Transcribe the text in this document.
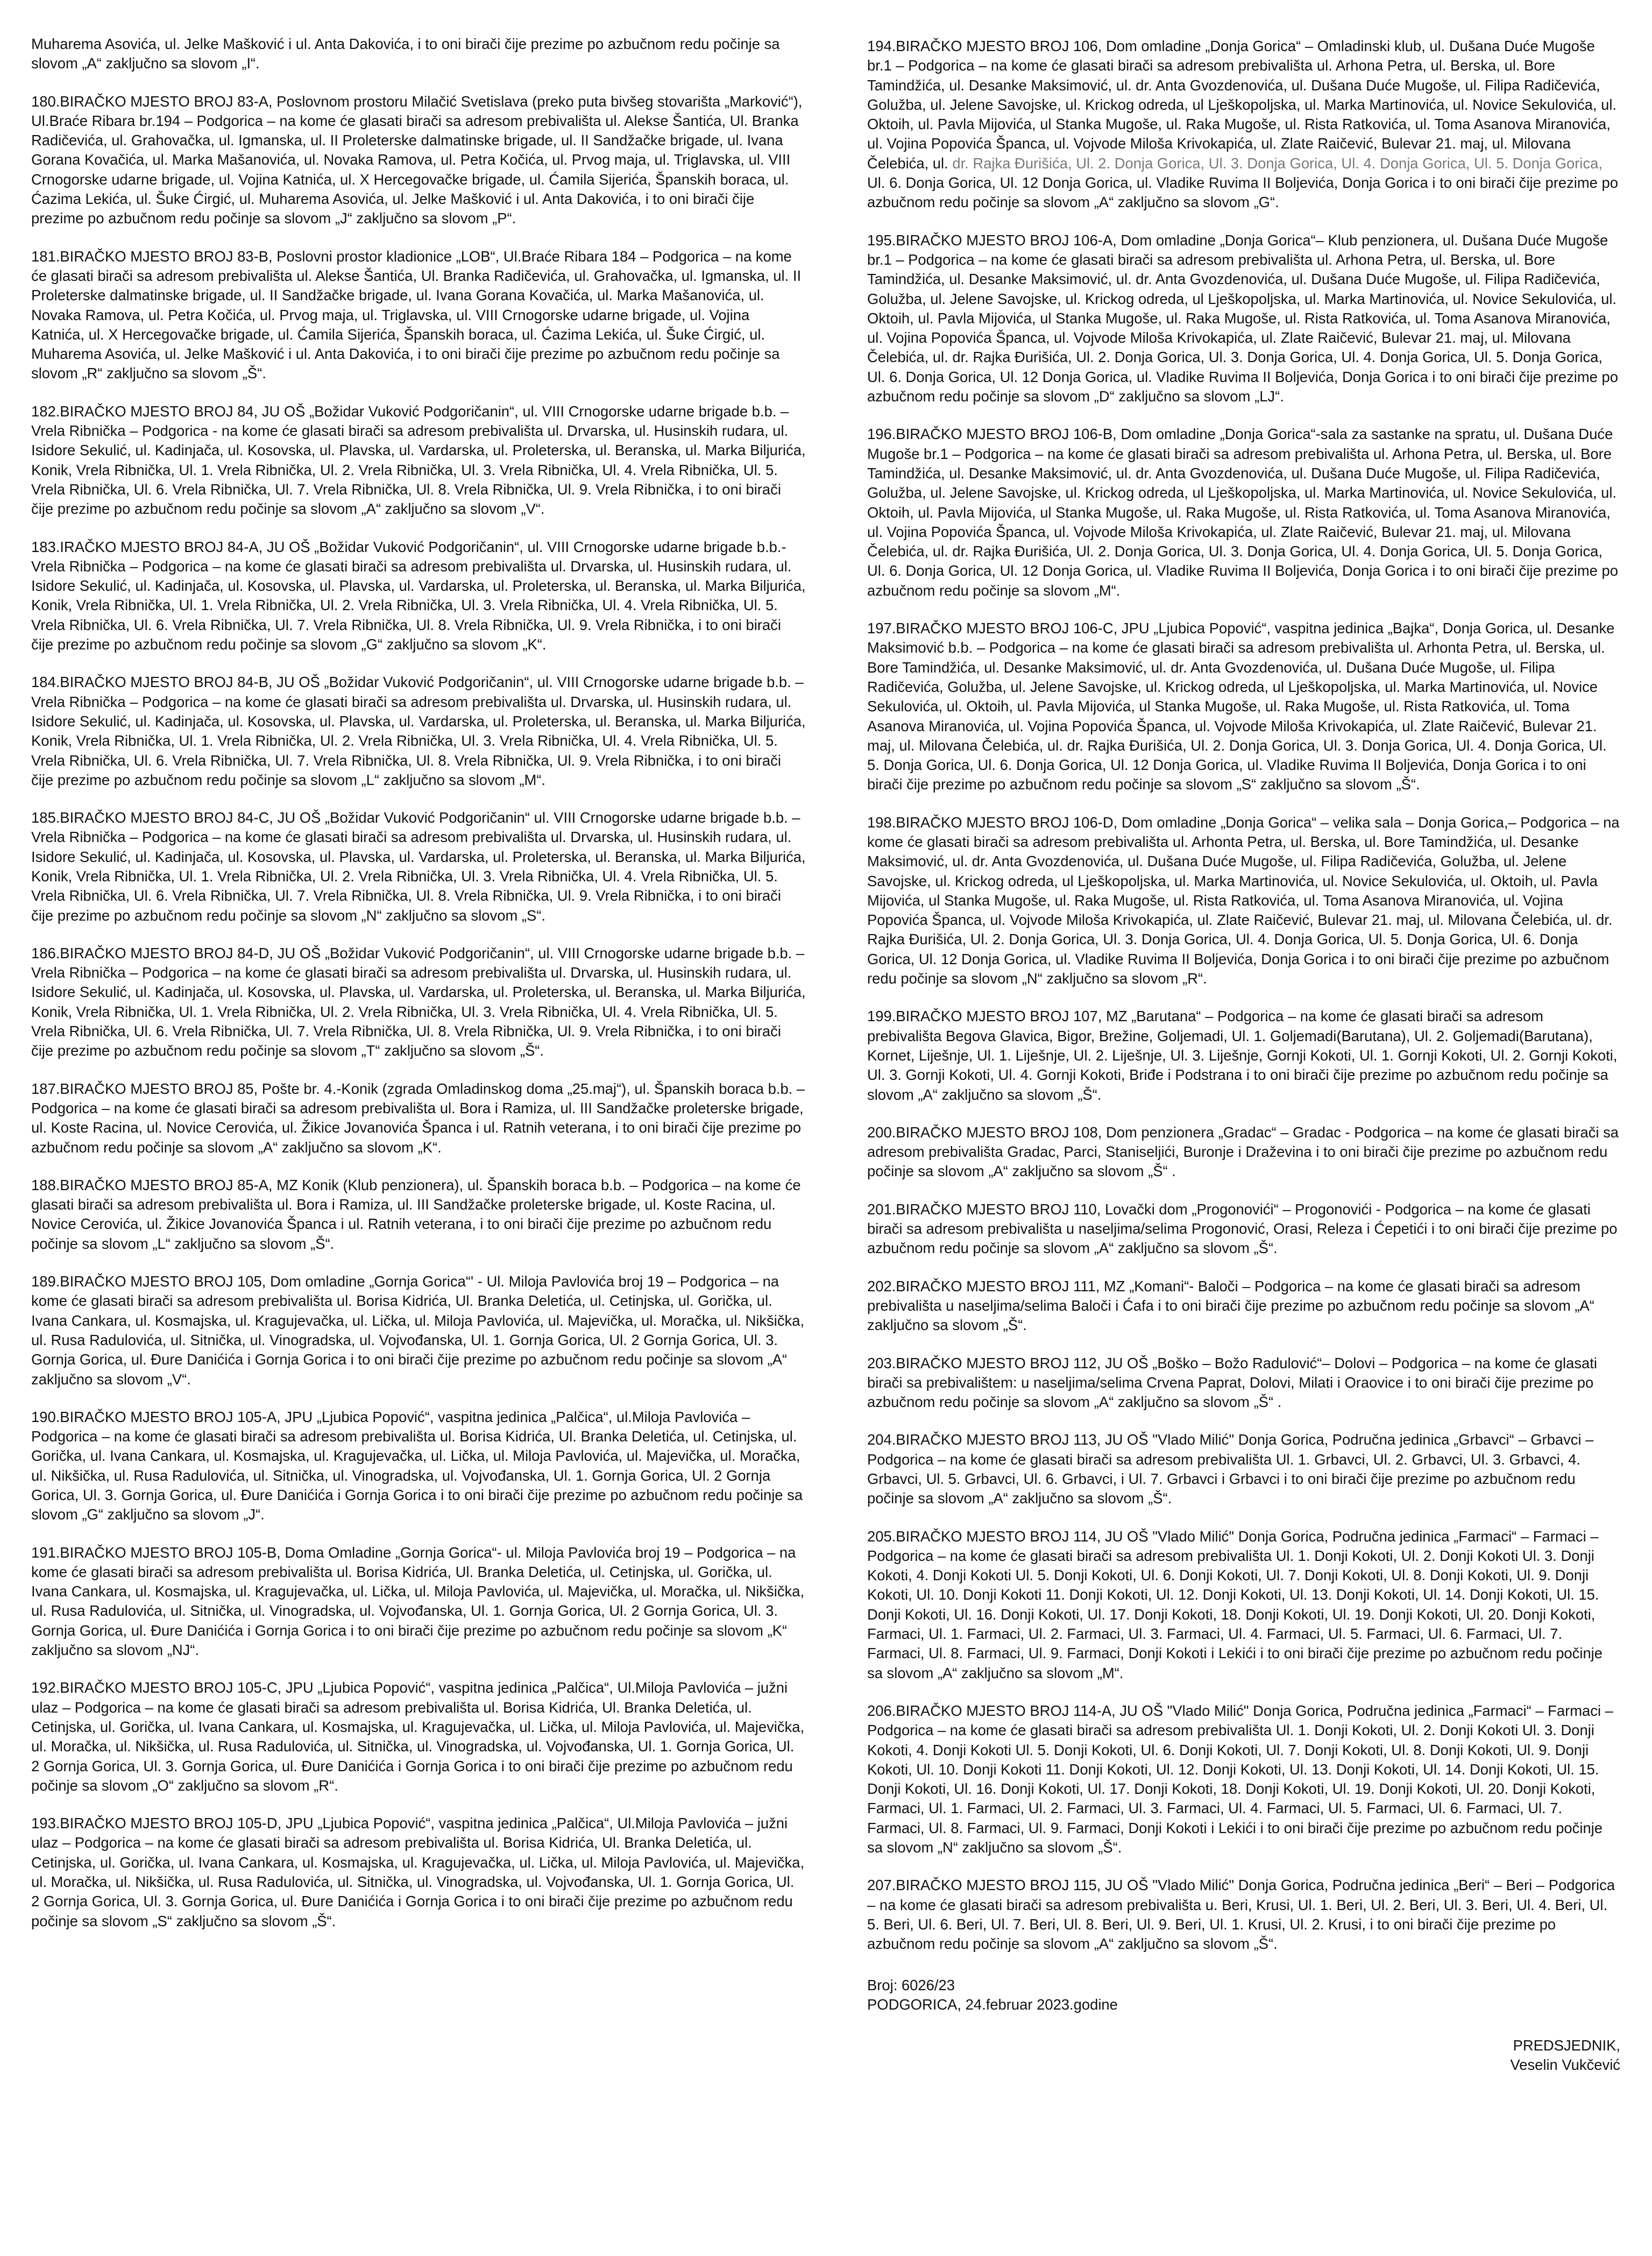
Muharema Asovića, ul. Jelke Mašković i ul. Anta Dakovića, i to oni birači čije prezime po azbučnom redu počinje sa slovom „A“ zaključno sa slovom „I“.

180.BIRAČKO MJESTO BROJ 83-A, Poslovnom prostoru Milačić Svetislava (preko puta bivšeg stovarišta „Marković“), Ul.Braće Ribara br.194 – Podgorica – na kome će glasati birači sa adresom prebivališta ul. Alekse Šantića, Ul. Branka Radičevića, ul. Grahovačka, ul. Igmanska, ul. II Proleterske dalmatinske brigade, ul. II Sandžačke brigade, ul. Ivana Gorana Kovačića, ul. Marka Mašanovića, ul. Novaka Ramova, ul. Petra Kočića, ul. Prvog maja, ul. Triglavska, ul. VIII Crnogorske udarne brigade, ul. Vojina Katnića, ul. X Hercegovačke brigade, ul. Ćamila Sijerića, Španskih boraca, ul. Ćazima Lekića, ul. Šuke Ćirgić, ul. Muharema Asovića, ul. Jelke Mašković i ul. Anta Dakovića, i to oni birači čije prezime po azbučnom redu počinje sa slovom „J“ zaključno sa slovom „P“.

181.BIRAČKO MJESTO BROJ 83-B, Poslovni prostor kladionice „LOB“, Ul.Braće Ribara 184 – Podgorica – na kome će glasati birači sa adresom prebivališta ul. Alekse Šantića, Ul. Branka Radičevića, ul. Grahovačka, ul. Igmanska, ul. II Proleterske dalmatinske brigade, ul. II Sandžačke brigade, ul. Ivana Gorana Kovačića, ul. Marka Mašanovića, ul. Novaka Ramova, ul. Petra Kočića, ul. Prvog maja, ul. Triglavska, ul. VIII Crnogorske udarne brigade, ul. Vojina Katnića, ul. X Hercegovačke brigade, ul. Ćamila Sijerića, Španskih boraca, ul. Ćazima Lekića, ul. Šuke Ćirgić, ul. Muharema Asovića, ul. Jelke Mašković i ul. Anta Dakovića, i to oni birači čije prezime po azbučnom redu počinje sa slovom „R“ zaključno sa slovom „Š“.

182.BIRAČKO MJESTO BROJ 84, JU OŠ „Božidar Vuković Podgoričanin“, ul. VIII Crnogorske udarne brigade b.b. – Vrela Ribnička – Podgorica - na kome će glasati birači sa adresom prebivališta ul. Drvarska, ul. Husinskih rudara, ul. Isidore Sekulić, ul. Kadinjača, ul. Kosovska, ul. Plavska, ul. Vardarska, ul. Proleterska, ul. Beranska, ul. Marka Biljurića, Konik, Vrela Ribnička, Ul. 1. Vrela Ribnička, Ul. 2. Vrela Ribnička, Ul. 3. Vrela Ribnička, Ul. 4. Vrela Ribnička, Ul. 5. Vrela Ribnička, Ul. 6. Vrela Ribnička, Ul. 7. Vrela Ribnička, Ul. 8. Vrela Ribnička, Ul. 9. Vrela Ribnička, i to oni birači čije prezime po azbučnom redu počinje sa slovom „A“ zaključno sa slovom „V“.

183.IRAČKO MJESTO BROJ 84-A, JU OŠ „Božidar Vuković Podgoričanin“, ul. VIII Crnogorske udarne brigade b.b.-Vrela Ribnička – Podgorica – na kome će glasati birači sa adresom prebivališta ul. Drvarska, ul. Husinskih rudara, ul. Isidore Sekulić, ul. Kadinjača, ul. Kosovska, ul. Plavska, ul. Vardarska, ul. Proleterska, ul. Beranska, ul. Marka Biljurića, Konik, Vrela Ribnička, Ul. 1. Vrela Ribnička, Ul. 2. Vrela Ribnička, Ul. 3. Vrela Ribnička, Ul. 4. Vrela Ribnička, Ul. 5. Vrela Ribnička, Ul. 6. Vrela Ribnička, Ul. 7. Vrela Ribnička, Ul. 8. Vrela Ribnička, Ul. 9. Vrela Ribnička, i to oni birači čije prezime po azbučnom redu počinje sa slovom „G“ zaključno sa slovom „K“.

184.BIRAČKO MJESTO BROJ 84-B, JU OŠ „Božidar Vuković Podgoričanin“, ul. VIII Crnogorske udarne brigade b.b. – Vrela Ribnička – Podgorica – na kome će glasati birači sa adresom prebivališta ul. Drvarska, ul. Husinskih rudara, ul. Isidore Sekulić, ul. Kadinjača, ul. Kosovska, ul. Plavska, ul. Vardarska, ul. Proleterska, ul. Beranska, ul. Marka Biljurića, Konik, Vrela Ribnička, Ul. 1. Vrela Ribnička, Ul. 2. Vrela Ribnička, Ul. 3. Vrela Ribnička, Ul. 4. Vrela Ribnička, Ul. 5. Vrela Ribnička, Ul. 6. Vrela Ribnička, Ul. 7. Vrela Ribnička, Ul. 8. Vrela Ribnička, Ul. 9. Vrela Ribnička, i to oni birači čije prezime po azbučnom redu počinje sa slovom „L“ zaključno sa slovom „M“.

185.BIRAČKO MJESTO BROJ 84-C, JU OŠ „Božidar Vuković Podgoričanin“ ul. VIII Crnogorske udarne brigade b.b. –Vrela Ribnička – Podgorica – na kome će glasati birači sa adresom prebivališta ul. Drvarska, ul. Husinskih rudara, ul. Isidore Sekulić, ul. Kadinjača, ul. Kosovska, ul. Plavska, ul. Vardarska, ul. Proleterska, ul. Beranska, ul. Marka Biljurića, Konik, Vrela Ribnička, Ul. 1. Vrela Ribnička, Ul. 2. Vrela Ribnička, Ul. 3. Vrela Ribnička, Ul. 4. Vrela Ribnička, Ul. 5. Vrela Ribnička, Ul. 6. Vrela Ribnička, Ul. 7. Vrela Ribnička, Ul. 8. Vrela Ribnička, Ul. 9. Vrela Ribnička, i to oni birači čije prezime po azbučnom redu počinje sa slovom „N“ zaključno sa slovom „S“.

186.BIRAČKO MJESTO BROJ 84-D, JU OŠ „Božidar Vuković Podgoričanin“, ul. VIII Crnogorske udarne brigade b.b. –Vrela Ribnička – Podgorica – na kome će glasati birači sa adresom prebivališta ul. Drvarska, ul. Husinskih rudara, ul. Isidore Sekulić, ul. Kadinjača, ul. Kosovska, ul. Plavska, ul. Vardarska, ul. Proleterska, ul. Beranska, ul. Marka Biljurića, Konik, Vrela Ribnička, Ul. 1. Vrela Ribnička, Ul. 2. Vrela Ribnička, Ul. 3. Vrela Ribnička, Ul. 4. Vrela Ribnička, Ul. 5. Vrela Ribnička, Ul. 6. Vrela Ribnička, Ul. 7. Vrela Ribnička, Ul. 8. Vrela Ribnička, Ul. 9. Vrela Ribnička, i to oni birači čije prezime po azbučnom redu počinje sa slovom „T“ zaključno sa slovom „Š“.

187.BIRAČKO MJESTO BROJ 85, Pošte br. 4.-Konik (zgrada Omladinskog doma „25.maj“), ul. Španskih boraca b.b. – Podgorica – na kome će glasati birači sa adresom prebivališta ul. Bora i Ramiza, ul. III Sandžačke proleterske brigade, ul. Koste Racina, ul. Novice Cerovića, ul. Žikice Jovanovića Španca i ul. Ratnih veterana, i to oni birači čije prezime po azbučnom redu počinje sa slovom „A“ zaključno sa slovom „K“.

188.BIRAČKO MJESTO BROJ 85-A, MZ Konik (Klub penzionera), ul. Španskih boraca b.b. – Podgorica – na kome će glasati birači sa adresom prebivališta ul. Bora i Ramiza, ul. III Sandžačke proleterske brigade, ul. Koste Racina, ul. Novice Cerovića, ul. Žikice Jovanovića Španca i ul. Ratnih veterana, i to oni birači čije prezime po azbučnom redu počinje sa slovom „L“ zaključno sa slovom „Š“.

189.BIRAČKO MJESTO BROJ 105, Dom omladine „Gornja Gorica“' - Ul. Miloja Pavlovića broj 19 – Podgorica – na kome će glasati birači sa adresom prebivališta ul. Borisa Kidrića, Ul. Branka Deletića, ul. Cetinjska, ul. Gorička, ul. Ivana Cankara, ul. Kosmajska, ul. Kragujevačka, ul. Lička, ul. Miloja Pavlovića, ul. Majevička, ul. Moračka, ul. Nikšička, ul. Rusa Radulovića, ul. Sitnička, ul. Vinogradska, ul. Vojvođanska, Ul. 1. Gornja Gorica, Ul. 2 Gornja Gorica, Ul. 3. Gornja Gorica, ul. Đure Danićića i Gornja Gorica i to oni birači čije prezime po azbučnom redu počinje sa slovom „A“ zaključno sa slovom „V“.

190.BIRAČKO MJESTO BROJ 105-A, JPU „Ljubica Popović“, vaspitna jedinica „Palčica“, ul.Miloja Pavlovića – Podgorica – na kome će glasati birači sa adresom prebivališta ul. Borisa Kidrića, Ul. Branka Deletića, ul. Cetinjska, ul. Gorička, ul. Ivana Cankara, ul. Kosmajska, ul. Kragujevačka, ul. Lička, ul. Miloja Pavlovića, ul. Majevička, ul. Moračka, ul. Nikšička, ul. Rusa Radulovića, ul. Sitnička, ul. Vinogradska, ul. Vojvođanska, Ul. 1. Gornja Gorica, Ul. 2 Gornja Gorica, Ul. 3. Gornja Gorica, ul. Đure Danićića i Gornja Gorica i to oni birači čije prezime po azbučnom redu počinje sa slovom „G“ zaključno sa slovom „J“.

191.BIRAČKO MJESTO BROJ 105-B, Doma Omladine „Gornja Gorica“- ul. Miloja Pavlovića broj 19 – Podgorica – na kome će glasati birači sa adresom prebivališta ul. Borisa Kidrića, Ul. Branka Deletića, ul. Cetinjska, ul. Gorička, ul. Ivana Cankara, ul. Kosmajska, ul. Kragujevačka, ul. Lička, ul. Miloja Pavlovića, ul. Majevička, ul. Moračka, ul. Nikšička, ul. Rusa Radulovića, ul. Sitnička, ul. Vinogradska, ul. Vojvođanska, Ul. 1. Gornja Gorica, Ul. 2 Gornja Gorica, Ul. 3. Gornja Gorica, ul. Đure Danićića i Gornja Gorica i to oni birači čije prezime po azbučnom redu počinje sa slovom „K“ zaključno sa slovom „NJ“.

192.BIRAČKO MJESTO BROJ 105-C, JPU „Ljubica Popović“, vaspitna jedinica „Palčica“, Ul.Miloja Pavlovića – južni ulaz – Podgorica – na kome će glasati birači sa adresom prebivališta ul. Borisa Kidrića, Ul. Branka Deletića, ul. Cetinjska, ul. Gorička, ul. Ivana Cankara, ul. Kosmajska, ul. Kragujevačka, ul. Lička, ul. Miloja Pavlovića, ul. Majevička, ul. Moračka, ul. Nikšička, ul. Rusa Radulovića, ul. Sitnička, ul. Vinogradska, ul. Vojvođanska, Ul. 1. Gornja Gorica, Ul. 2 Gornja Gorica, Ul. 3. Gornja Gorica, ul. Đure Danićića i Gornja Gorica i to oni birači čije prezime po azbučnom redu počinje sa slovom „O“ zaključno sa slovom „R“.

193.BIRAČKO MJESTO BROJ 105-D, JPU „Ljubica Popović“, vaspitna jedinica „Palčica“, Ul.Miloja Pavlovića – južni ulaz – Podgorica – na kome će glasati birači sa adresom prebivališta ul. Borisa Kidrića, Ul. Branka Deletića, ul. Cetinjska, ul. Gorička, ul. Ivana Cankara, ul. Kosmajska, ul. Kragujevačka, ul. Lička, ul. Miloja Pavlovića, ul. Majevička, ul. Moračka, ul. Nikšička, ul. Rusa Radulovića, ul. Sitnička, ul. Vinogradska, ul. Vojvođanska, Ul. 1. Gornja Gorica, Ul. 2 Gornja Gorica, Ul. 3. Gornja Gorica, ul. Đure Danićića i Gornja Gorica i to oni birači čije prezime po azbučnom redu počinje sa slovom „S“ zaključno sa slovom „Š“.

194.BIRAČKO MJESTO BROJ 106, Dom omladine „Donja Gorica“ – Omladinski klub, ul. Dušana Duće Mugoše br.1 – Podgorica – na kome će glasati birači sa adresom prebivališta ul. Arhona Petra, ul. Berska, ul. Bore Tamindžića, ul. Desanke Maksimović, ul. dr. Anta Gvozdenovića, ul. Dušana Duće Mugoše, ul. Filipa Radičevića, Golužba, ul. Jelene Savojske, ul. Krickog odreda, ul Lješkopoljska, ul. Marka Martinovića, ul. Novice Sekulovića, ul. Oktoih, ul. Pavla Mijovića, ul Stanka Mugoše, ul. Raka Mugoše, ul. Rista Ratkovića, ul. Toma Asanova Miranovića, ul. Vojina Popovića Španca, ul. Vojvode Miloša Krivokapića, ul. Zlate Raičević, Bulevar 21. maj, ul. Milovana Čelebića, ul. dr. Rajka Đurišića, Ul. 2. Donja Gorica, Ul. 3. Donja Gorica, Ul. 4. Donja Gorica, Ul. 5. Donja Gorica, Ul. 6. Donja Gorica, Ul. 12 Donja Gorica, ul. Vladike Ruvima II Boljevića, Donja Gorica i to oni birači čije prezime po azbučnom redu počinje sa slovom „A“ zaključno sa slovom „G“.

195.BIRAČKO MJESTO BROJ 106-A, Dom omladine „Donja Gorica“– Klub penzionera, ul. Dušana Duće Mugoše br.1 – Podgorica – na kome će glasati birači sa adresom prebivališta ul. Arhona Petra, ul. Berska, ul. Bore Tamindžića, ul. Desanke Maksimović, ul. dr. Anta Gvozdenovića, ul. Dušana Duće Mugoše, ul. Filipa Radičevića, Golužba, ul. Jelene Savojske, ul. Krickog odreda, ul Lješkopoljska, ul. Marka Martinovića, ul. Novice Sekulovića, ul. Oktoih, ul. Pavla Mijovića, ul Stanka Mugoše, ul. Raka Mugoše, ul. Rista Ratkovića, ul. Toma Asanova Miranovića, ul. Vojina Popovića Španca, ul. Vojvode Miloša Krivokapića, ul. Zlate Raičević, Bulevar 21. maj, ul. Milovana Čelebića, ul. dr. Rajka Đurišića, Ul. 2. Donja Gorica, Ul. 3. Donja Gorica, Ul. 4. Donja Gorica, Ul. 5. Donja Gorica, Ul. 6. Donja Gorica, Ul. 12 Donja Gorica, ul. Vladike Ruvima II Boljevića, Donja Gorica i to oni birači čije prezime po azbučnom redu počinje sa slovom „D“ zaključno sa slovom „LJ“.

196.BIRAČKO MJESTO BROJ 106-B, Dom omladine „Donja Gorica“-sala za sastanke na spratu, ul. Dušana Duće Mugoše br.1 – Podgorica – na kome će glasati birači sa adresom prebivališta ul. Arhona Petra, ul. Berska, ul. Bore Tamindžića, ul. Desanke Maksimović, ul. dr. Anta Gvozdenovića, ul. Dušana Duće Mugoše, ul. Filipa Radičevića, Golužba, ul. Jelene Savojske, ul. Krickog odreda, ul Lješkopoljska, ul. Marka Martinovića, ul. Novice Sekulovića, ul. Oktoih, ul. Pavla Mijovića, ul Stanka Mugoše, ul. Raka Mugoše, ul. Rista Ratkovića, ul. Toma Asanova Miranovića, ul. Vojina Popovića Španca, ul. Vojvode Miloša Krivokapića, ul. Zlate Raičević, Bulevar 21. maj, ul. Milovana Čelebića, ul. dr. Rajka Đurišića, Ul. 2. Donja Gorica, Ul. 3. Donja Gorica, Ul. 4. Donja Gorica, Ul. 5. Donja Gorica, Ul. 6. Donja Gorica, Ul. 12 Donja Gorica, ul. Vladike Ruvima II Boljevića, Donja Gorica i to oni birači čije prezime po azbučnom redu počinje sa slovom „M“.

197.BIRAČKO MJESTO BROJ 106-C, JPU „Ljubica Popović“, vaspitna jedinica „Bajka“, Donja Gorica, ul. Desanke Maksimović b.b. – Podgorica – na kome će glasati birači sa adresom prebivališta ul. Arhonta Petra, ul. Berska, ul. Bore Tamindžića, ul. Desanke Maksimović, ul. dr. Anta Gvozdenovića, ul. Dušana Duće Mugoše, ul. Filipa Radičevića, Golužba, ul. Jelene Savojske, ul. Krickog odreda, ul Lješkopoljska, ul. Marka Martinovića, ul. Novice Sekulovića, ul. Oktoih, ul. Pavla Mijovića, ul Stanka Mugoše, ul. Raka Mugoše, ul. Rista Ratkovića, ul. Toma Asanova Miranovića, ul. Vojina Popovića Španca, ul. Vojvode Miloša Krivokapića, ul. Zlate Raičević, Bulevar 21. maj, ul. Milovana Čelebića, ul. dr. Rajka Đurišića, Ul. 2. Donja Gorica, Ul. 3. Donja Gorica, Ul. 4. Donja Gorica, Ul. 5. Donja Gorica, Ul. 6. Donja Gorica, Ul. 12 Donja Gorica, ul. Vladike Ruvima II Boljevića, Donja Gorica i to oni birači čije prezime po azbučnom redu počinje sa slovom „S“ zaključno sa slovom „Š“.

198.BIRAČKO MJESTO BROJ 106-D, Dom omladine „Donja Gorica“ – velika sala – Donja Gorica,– Podgorica – na kome će glasati birači sa adresom prebivališta ul. Arhonta Petra, ul. Berska, ul. Bore Tamindžića, ul. Desanke Maksimović, ul. dr. Anta Gvozdenovića, ul. Dušana Duće Mugoše, ul. Filipa Radičevića, Golužba, ul. Jelene Savojske, ul. Krickog odreda, ul Lješkopoljska, ul. Marka Martinovića, ul. Novice Sekulovića, ul. Oktoih, ul. Pavla Mijovića, ul Stanka Mugoše, ul. Raka Mugoše, ul. Rista Ratkovića, ul. Toma Asanova Miranovića, ul. Vojina Popovića Španca, ul. Vojvode Miloša Krivokapića, ul. Zlate Raičević, Bulevar 21. maj, ul. Milovana Čelebića, ul. dr. Rajka Đurišića, Ul. 2. Donja Gorica, Ul. 3. Donja Gorica, Ul. 4. Donja Gorica, Ul. 5. Donja Gorica, Ul. 6. Donja Gorica, Ul. 12 Donja Gorica, ul. Vladike Ruvima II Boljevića, Donja Gorica i to oni birači čije prezime po azbučnom redu počinje sa slovom „N“ zaključno sa slovom „R“.

199.BIRAČKO MJESTO BROJ 107, MZ „Barutana“ – Podgorica – na kome će glasati birači sa adresom prebivališta Begova Glavica, Bigor, Brežine, Goljemadi, Ul. 1. Goljemadi(Barutana), Ul. 2. Goljemadi(Barutana), Kornet, Liješnje, Ul. 1. Liješnje, Ul. 2. Liješnje, Ul. 3. Liješnje, Gornji Kokoti, Ul. 1. Gornji Kokoti, Ul. 2. Gornji Kokoti, Ul. 3. Gornji Kokoti, Ul. 4. Gornji Kokoti, Briđe i Podstrana i to oni birači čije prezime po azbučnom redu počinje sa slovom „A“ zaključno sa slovom „Š“.

200.BIRAČKO MJESTO BROJ 108, Dom penzionera „Gradac“ – Gradac - Podgorica – na kome će glasati birači sa adresom prebivališta Gradac, Parci, Staniseljići, Buronje i Draževina i to oni birači čije prezime po azbučnom redu počinje sa slovom „A“ zaključno sa slovom „Š“ .

201.BIRAČKO MJESTO BROJ 110, Lovački dom „Progonovići“ – Progonovići - Podgorica – na kome će glasati birači sa adresom prebivališta u naseljima/selima Progonović, Orasi, Releza i Ćepetići i to oni birači čije prezime po azbučnom redu počinje sa slovom „A“ zaključno sa slovom „Š“.

202.BIRAČKO MJESTO BROJ 111, MZ „Komani“- Baloči – Podgorica – na kome će glasati birači sa adresom prebivališta u naseljima/selima Baloči i Ćafa i to oni birači čije prezime po azbučnom redu počinje sa slovom „A“ zaključno sa slovom „Š“.

203.BIRAČKO MJESTO BROJ 112, JU OŠ „Boško – Božo Radulović“– Dolovi – Podgorica – na kome će glasati birači sa prebivalištem: u naseljima/selima Crvena Paprat, Dolovi, Milati i Oraovice i to oni birači čije prezime po azbučnom redu počinje sa slovom „A“ zaključno sa slovom „Š“ .

204.BIRAČKO MJESTO BROJ 113, JU OŠ "Vlado Milić" Donja Gorica, Područna jedinica „Grbavci“ – Grbavci – Podgorica – na kome će glasati birači sa adresom prebivališta Ul. 1. Grbavci, Ul. 2. Grbavci, Ul. 3. Grbavci, 4. Grbavci, Ul. 5. Grbavci, Ul. 6. Grbavci, i Ul. 7. Grbavci i Grbavci i to oni birači čije prezime po azbučnom redu počinje sa slovom „A“ zaključno sa slovom „Š“.

205.BIRAČKO MJESTO BROJ 114, JU OŠ "Vlado Milić" Donja Gorica, Područna jedinica „Farmaci“ – Farmaci – Podgorica – na kome će glasati birači sa adresom prebivališta Ul. 1. Donji Kokoti, Ul. 2. Donji Kokoti Ul. 3. Donji Kokoti, 4. Donji Kokoti Ul. 5. Donji Kokoti, Ul. 6. Donji Kokoti, Ul. 7. Donji Kokoti, Ul. 8. Donji Kokoti, Ul. 9. Donji Kokoti, Ul. 10. Donji Kokoti 11. Donji Kokoti, Ul. 12. Donji Kokoti, Ul. 13. Donji Kokoti, Ul. 14. Donji Kokoti, Ul. 15. Donji Kokoti, Ul. 16. Donji Kokoti, Ul. 17. Donji Kokoti, 18. Donji Kokoti, Ul. 19. Donji Kokoti, Ul. 20. Donji Kokoti, Farmaci, Ul. 1. Farmaci, Ul. 2. Farmaci, Ul. 3. Farmaci, Ul. 4. Farmaci, Ul. 5. Farmaci, Ul. 6. Farmaci, Ul. 7. Farmaci, Ul. 8. Farmaci, Ul. 9. Farmaci, Donji Kokoti i Lekići i to oni birači čije prezime po azbučnom redu počinje sa slovom „A“ zaključno sa slovom „M“.

206.BIRAČKO MJESTO BROJ 114-A, JU OŠ "Vlado Milić" Donja Gorica, Područna jedinica „Farmaci“ – Farmaci – Podgorica – na kome će glasati birači sa adresom prebivališta Ul. 1. Donji Kokoti, Ul. 2. Donji Kokoti Ul. 3. Donji Kokoti, 4. Donji Kokoti Ul. 5. Donji Kokoti, Ul. 6. Donji Kokoti, Ul. 7. Donji Kokoti, Ul. 8. Donji Kokoti, Ul. 9. Donji Kokoti, Ul. 10. Donji Kokoti 11. Donji Kokoti, Ul. 12. Donji Kokoti, Ul. 13. Donji Kokoti, Ul. 14. Donji Kokoti, Ul. 15. Donji Kokoti, Ul. 16. Donji Kokoti, Ul. 17. Donji Kokoti, 18. Donji Kokoti, Ul. 19. Donji Kokoti, Ul. 20. Donji Kokoti, Farmaci, Ul. 1. Farmaci, Ul. 2. Farmaci, Ul. 3. Farmaci, Ul. 4. Farmaci, Ul. 5. Farmaci, Ul. 6. Farmaci, Ul. 7. Farmaci, Ul. 8. Farmaci, Ul. 9. Farmaci, Donji Kokoti i Lekići i to oni birači čije prezime po azbučnom redu počinje sa slovom „N“ zaključno sa slovom „Š“.

207.BIRAČKO MJESTO BROJ 115, JU OŠ "Vlado Milić" Donja Gorica, Područna jedinica „Beri“ – Beri – Podgorica – na kome će glasati birači sa adresom prebivališta u. Beri, Krusi, Ul. 1. Beri, Ul. 2. Beri, Ul. 3. Beri, Ul. 4. Beri, Ul. 5. Beri, Ul. 6. Beri, Ul. 7. Beri, Ul. 8. Beri, Ul. 9. Beri, Ul. 1. Krusi, Ul. 2. Krusi, i to oni birači čije prezime po azbučnom redu počinje sa slovom „A“ zaključno sa slovom „Š“.

Broj: 6026/23
PODGORICA, 24.februar 2023.godine
PREDSJEDNIK,
Veselin Vukčević
